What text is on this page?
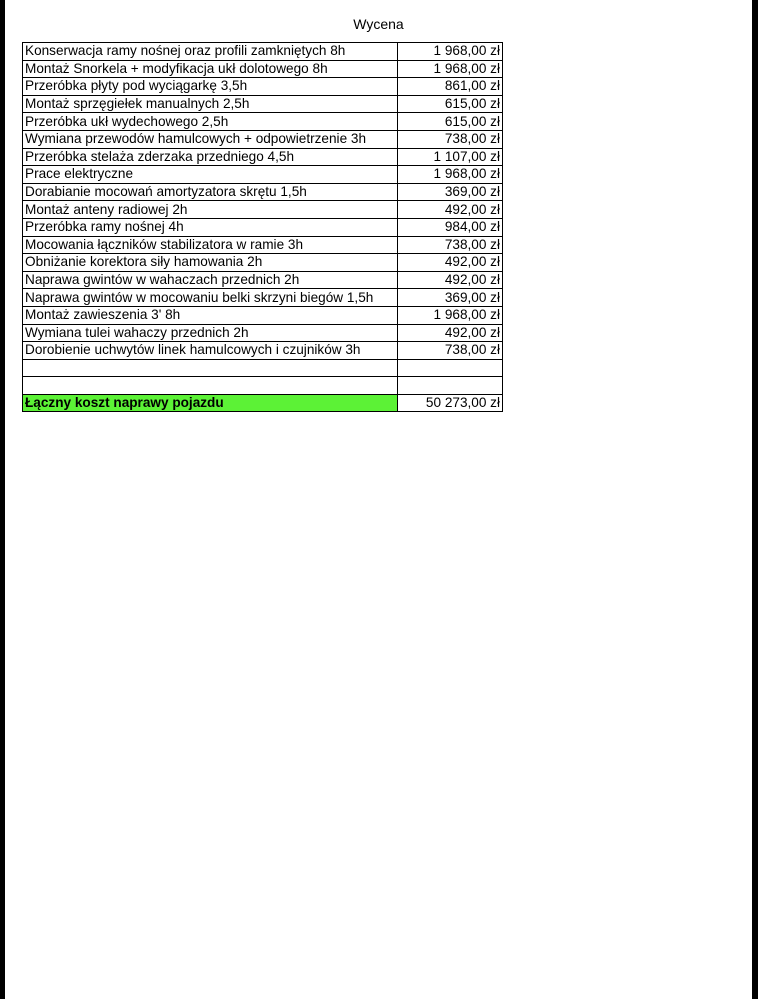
Wycena
Konserwacja ramy nośnej oraz profili zamkniętych 8h	1 968,00 zł
Montaż Snorkela + modyfikacja ukł dolotowego 8h	1 968,00 zł
Przeróbka płyty pod wyciągarkę 3,5h	861,00 zł
Montaż sprzęgiełek manualnych 2,5h	615,00 zł
Przeróbka ukł wydechowego 2,5h	615,00 zł
Wymiana przewodów hamulcowych + odpowietrzenie 3h	738,00 zł
Przeróbka stelaża zderzaka przedniego 4,5h	1 107,00 zł
Prace elektryczne	1 968,00 zł
Dorabianie mocowań amortyzatora skrętu 1,5h	369,00 zł
Montaż anteny radiowej 2h	492,00 zł
Przeróbka ramy nośnej 4h	984,00 zł
Mocowania łączników stabilizatora w ramie 3h	738,00 zł
Obniżanie korektora siły hamowania 2h	492,00 zł
Naprawa gwintów w wahaczach przednich 2h	492,00 zł
Naprawa gwintów w mocowaniu belki skrzyni biegów 1,5h	369,00 zł
Montaż zawieszenia 3' 8h	1 968,00 zł
Wymiana tulei wahaczy przednich 2h	492,00 zł
Dorobienie uchwytów linek hamulcowych i czujników 3h	738,00 zł

Łączny koszt naprawy pojazdu	50 273,00 zł
otomoto
